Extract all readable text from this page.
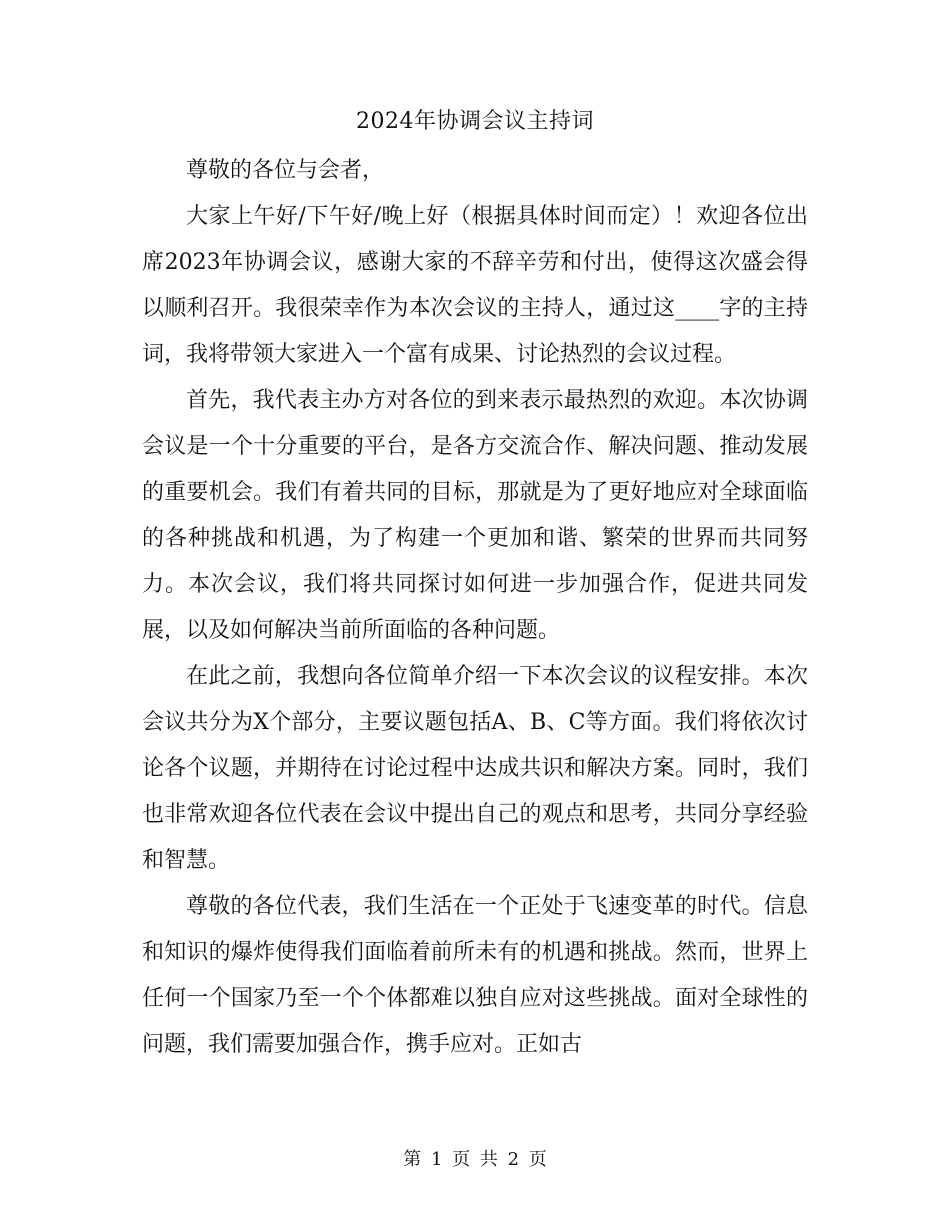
2024年协调会议主持词

尊敬的各位与会者，

大家上午好/下午好/晚上好（根据具体时间而定）！欢迎各位出席2023年协调会议，感谢大家的不辞辛劳和付出，使得这次盛会得以顺利召开。我很荣幸作为本次会议的主持人，通过这____字的主持词，我将带领大家进入一个富有成果、讨论热烈的会议过程。

首先，我代表主办方对各位的到来表示最热烈的欢迎。本次协调会议是一个十分重要的平台，是各方交流合作、解决问题、推动发展的重要机会。我们有着共同的目标，那就是为了更好地应对全球面临的各种挑战和机遇，为了构建一个更加和谐、繁荣的世界而共同努力。本次会议，我们将共同探讨如何进一步加强合作，促进共同发展，以及如何解决当前所面临的各种问题。

在此之前，我想向各位简单介绍一下本次会议的议程安排。本次会议共分为X个部分，主要议题包括A、B、C等方面。我们将依次讨论各个议题，并期待在讨论过程中达成共识和解决方案。同时，我们也非常欢迎各位代表在会议中提出自己的观点和思考，共同分享经验和智慧。

尊敬的各位代表，我们生活在一个正处于飞速变革的时代。信息和知识的爆炸使得我们面临着前所未有的机遇和挑战。然而，世界上任何一个国家乃至一个个体都难以独自应对这些挑战。面对全球性的问题，我们需要加强合作，携手应对。正如古

第 1 页 共 2 页
